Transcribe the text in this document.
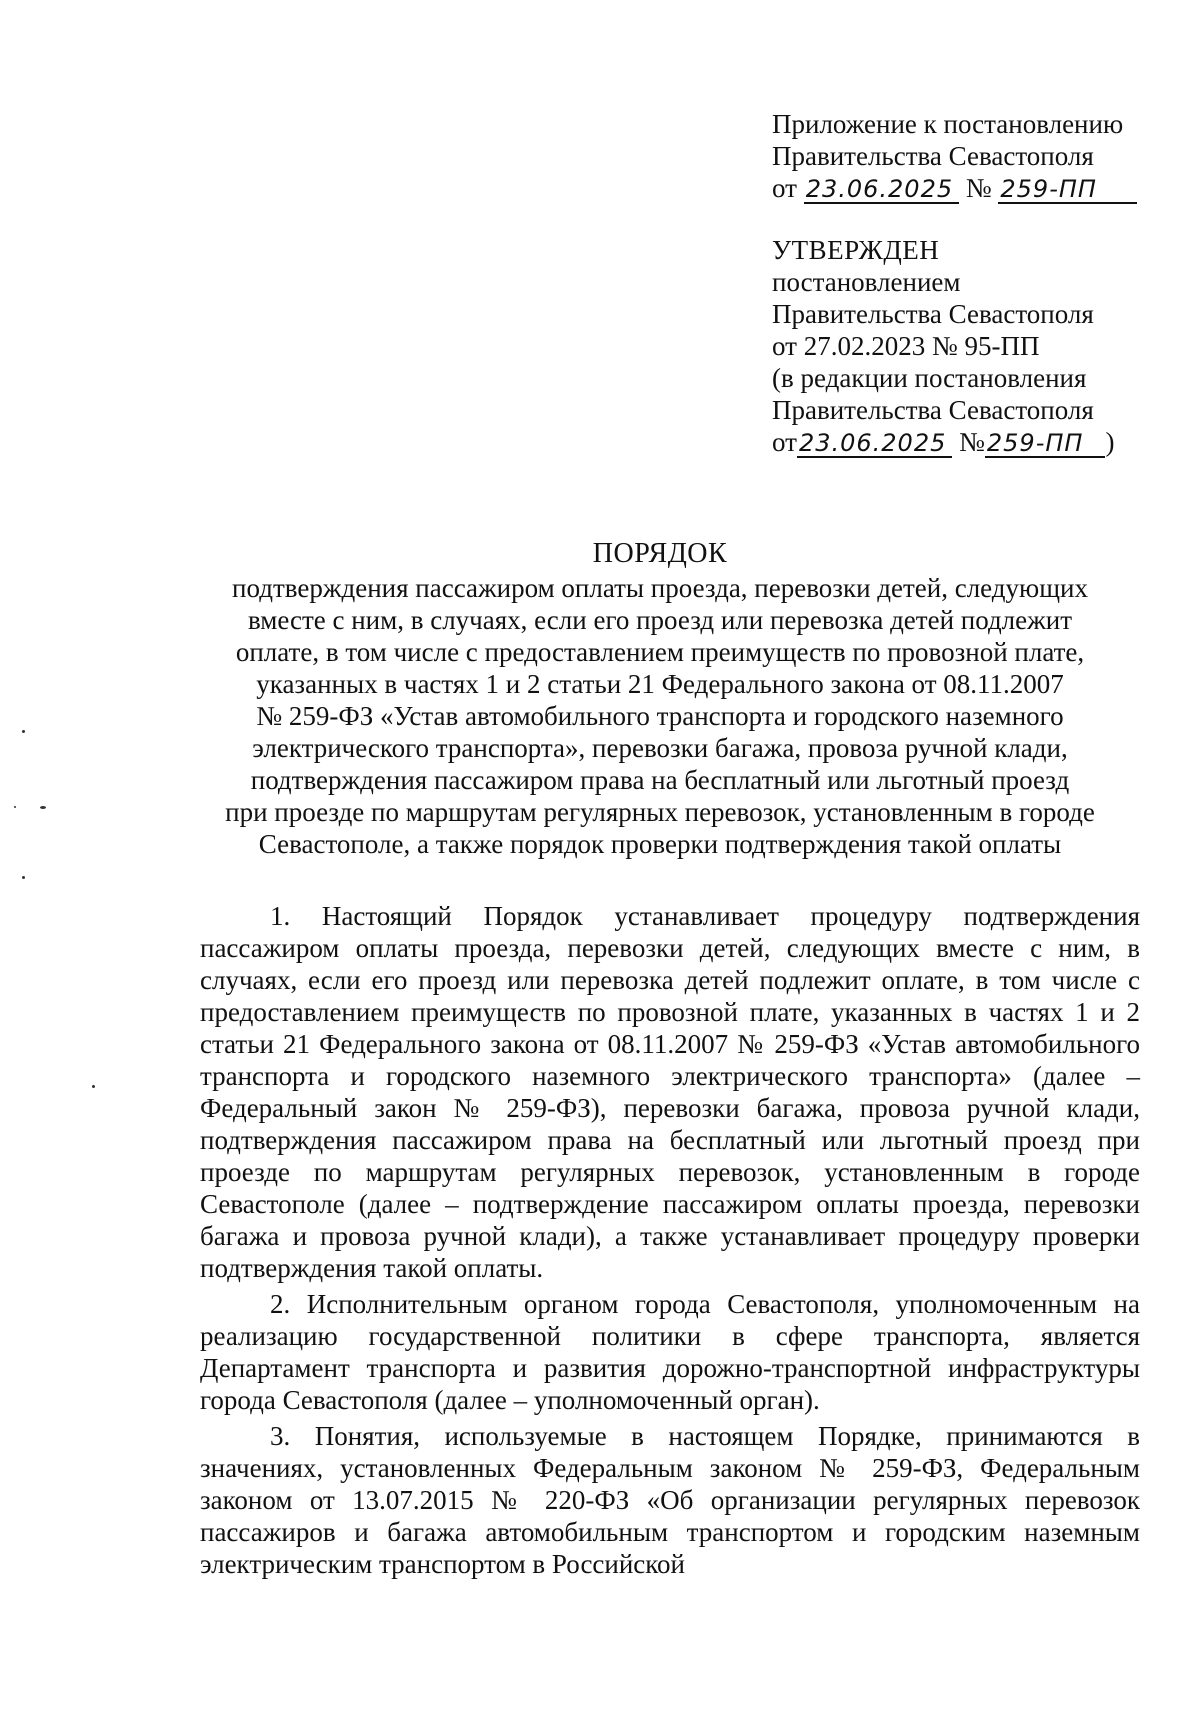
Приложение к постановлению
Правительства Севастополя
от 23.06.2025 № 259-ПП
УТВЕРЖДЕН
постановлением
Правительства Севастополя
от 27.02.2023 № 95-ПП
(в редакции постановления
Правительства Севастополя
от23.06.2025 №259-ПП )
ПОРЯДОК
подтверждения пассажиром оплаты проезда, перевозки детей, следующих
вместе с ним, в случаях, если его проезд или перевозка детей подлежит
оплате, в том числе с предоставлением преимуществ по провозной плате,
указанных в частях 1 и 2 статьи 21 Федерального закона от 08.11.2007
№ 259-ФЗ «Устав автомобильного транспорта и городского наземного
электрического транспорта», перевозки багажа, провоза ручной клади,
подтверждения пассажиром права на бесплатный или льготный проезд
при проезде по маршрутам регулярных перевозок, установленным в городе
Севастополе, а также порядок проверки подтверждения такой оплаты

1. Настоящий Порядок устанавливает процедуру подтверждения пассажиром оплаты проезда, перевозки детей, следующих вместе с ним, в случаях, если его проезд или перевозка детей подлежит оплате, в том числе с предоставлением преимуществ по провозной плате, указанных в частях 1 и 2 статьи 21 Федерального закона от 08.11.2007 № 259-ФЗ «Устав автомобильного транспорта и городского наземного электрического транспорта» (далее – Федеральный закон № 259-ФЗ), перевозки багажа, провоза ручной клади, подтверждения пассажиром права на бесплатный или льготный проезд при проезде по маршрутам регулярных перевозок, установленным в городе Севастополе (далее – подтверждение пассажиром оплаты проезда, перевозки багажа и провоза ручной клади), а также устанавливает процедуру проверки подтверждения такой оплаты.

2. Исполнительным органом города Севастополя, уполномоченным на реализацию государственной политики в сфере транспорта, является Департамент транспорта и развития дорожно-транспортной инфраструктуры города Севастополя (далее – уполномоченный орган).

3. Понятия, используемые в настоящем Порядке, принимаются в значениях, установленных Федеральным законом № 259-ФЗ, Федеральным законом от 13.07.2015 № 220-ФЗ «Об организации регулярных перевозок пассажиров и багажа автомобильным транспортом и городским наземным электрическим транспортом в Российской
